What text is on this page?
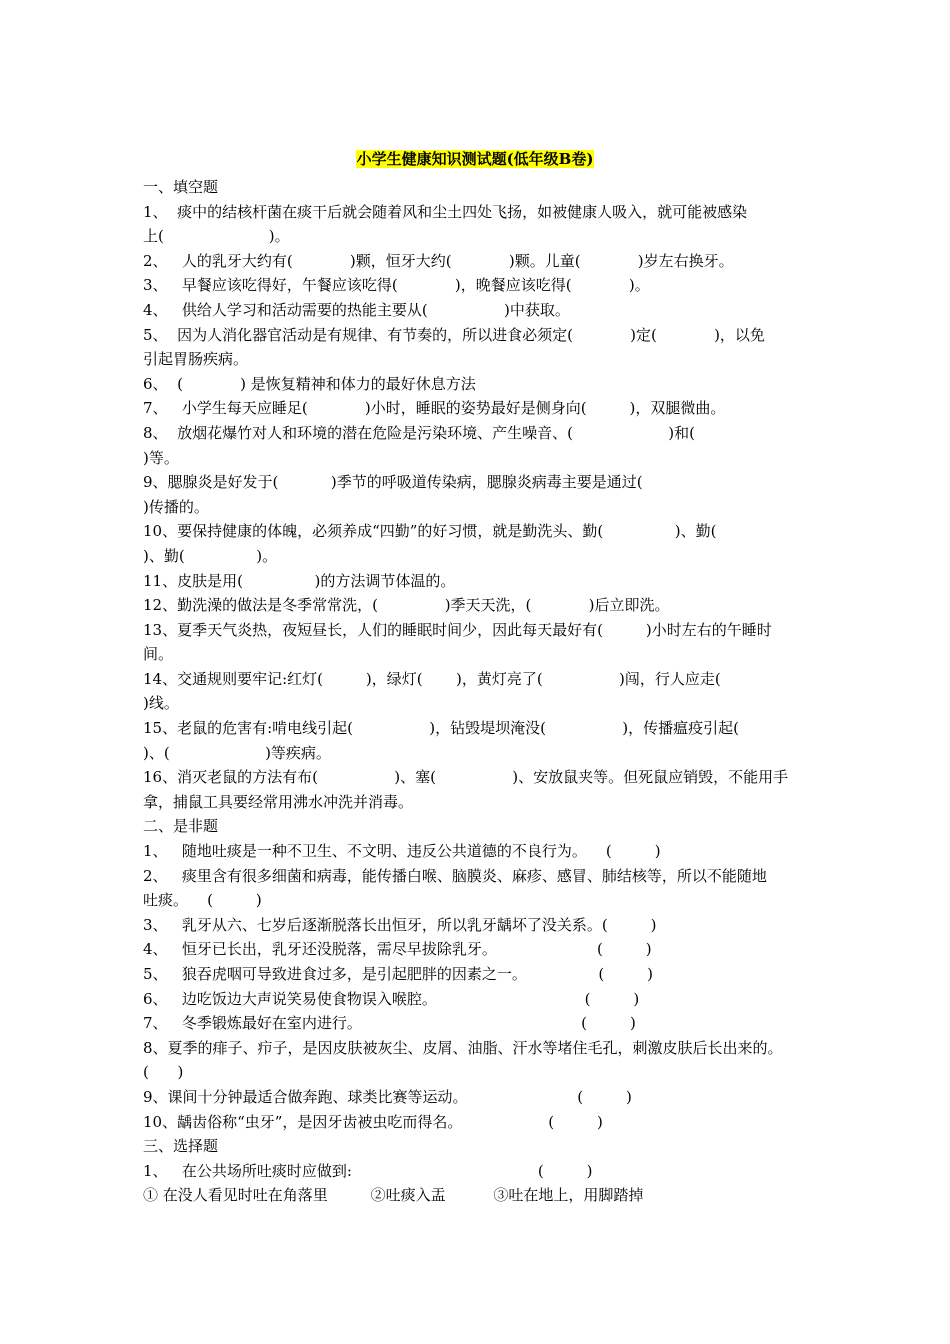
小学生健康知识测试题(低年级B卷)
一、填空题
1、  痰中的结核杆菌在痰干后就会随着风和尘土四处飞扬，如被健康人吸入，就可能被感染
上(                      )。
2、   人的乳牙大约有(            )颗，恒牙大约(            )颗。儿童(            )岁左右换牙。
3、   早餐应该吃得好，午餐应该吃得(            )，晚餐应该吃得(            )。
4、   供给人学习和活动需要的热能主要从(                )中获取。
5、  因为人消化器官活动是有规律、有节奏的，所以进食必须定(            )定(            )，以免
引起胃肠疾病。
6、  (            ) 是恢复精神和体力的最好休息方法
7、   小学生每天应睡足(            )小时，睡眠的姿势最好是侧身向(         )，双腿微曲。
8、  放烟花爆竹对人和环境的潜在危险是污染环境、产生噪音、(                    )和(
)等。
9、腮腺炎是好发于(           )季节的呼吸道传染病，腮腺炎病毒主要是通过(
)传播的。
10、要保持健康的体魄，必须养成“四勤”的好习惯，就是勤洗头、勤(               )、勤(
)、勤(               )。
11、皮肤是用(               )的方法调节体温的。
12、勤洗澡的做法是冬季常常洗，(              )季天天洗，(            )后立即洗。
13、夏季天气炎热，夜短昼长，人们的睡眠时间少，因此每天最好有(         )小时左右的午睡时
间。
14、交通规则要牢记:红灯(         )，绿灯(       )，黄灯亮了(                )闯，行人应走(
)线。
15、老鼠的危害有:啃电线引起(                )，钻毁堤坝淹没(                )，传播瘟疫引起(
)、(                    )等疾病。
16、消灭老鼠的方法有布(                )、塞(                )、安放鼠夹等。但死鼠应销毁，不能用手
拿，捕鼠工具要经常用沸水冲洗并消毒。
二、是非题
1、   随地吐痰是一种不卫生、不文明、违反公共道德的不良行为。    (         )
2、   痰里含有很多细菌和病毒，能传播白喉、脑膜炎、麻疹、感冒、肺结核等，所以不能随地
吐痰。    (         )
3、   乳牙从六、七岁后逐渐脱落长出恒牙，所以乳牙龋坏了没关系。(         )
4、   恒牙已长出，乳牙还没脱落，需尽早拔除乳牙。                     (         )
5、   狼吞虎咽可导致进食过多，是引起肥胖的因素之一。               (         )
6、   边吃饭边大声说笑易使食物误入喉腔。                               (         )
7、   冬季锻炼最好在室内进行。                                              (         )
8、夏季的痱子、疖子，是因皮肤被灰尘、皮屑、油脂、汗水等堵住毛孔，刺激皮肤后长出来的。
(      )
9、课间十分钟最适合做奔跑、球类比赛等运动。                       (         )
10、龋齿俗称“虫牙”，是因牙齿被虫吃而得名。                  (         )
三、选择题
1、   在公共场所吐痰时应做到:                                       (         )
① 在没人看见时吐在角落里         ②吐痰入盂          ③吐在地上，用脚踏掉
